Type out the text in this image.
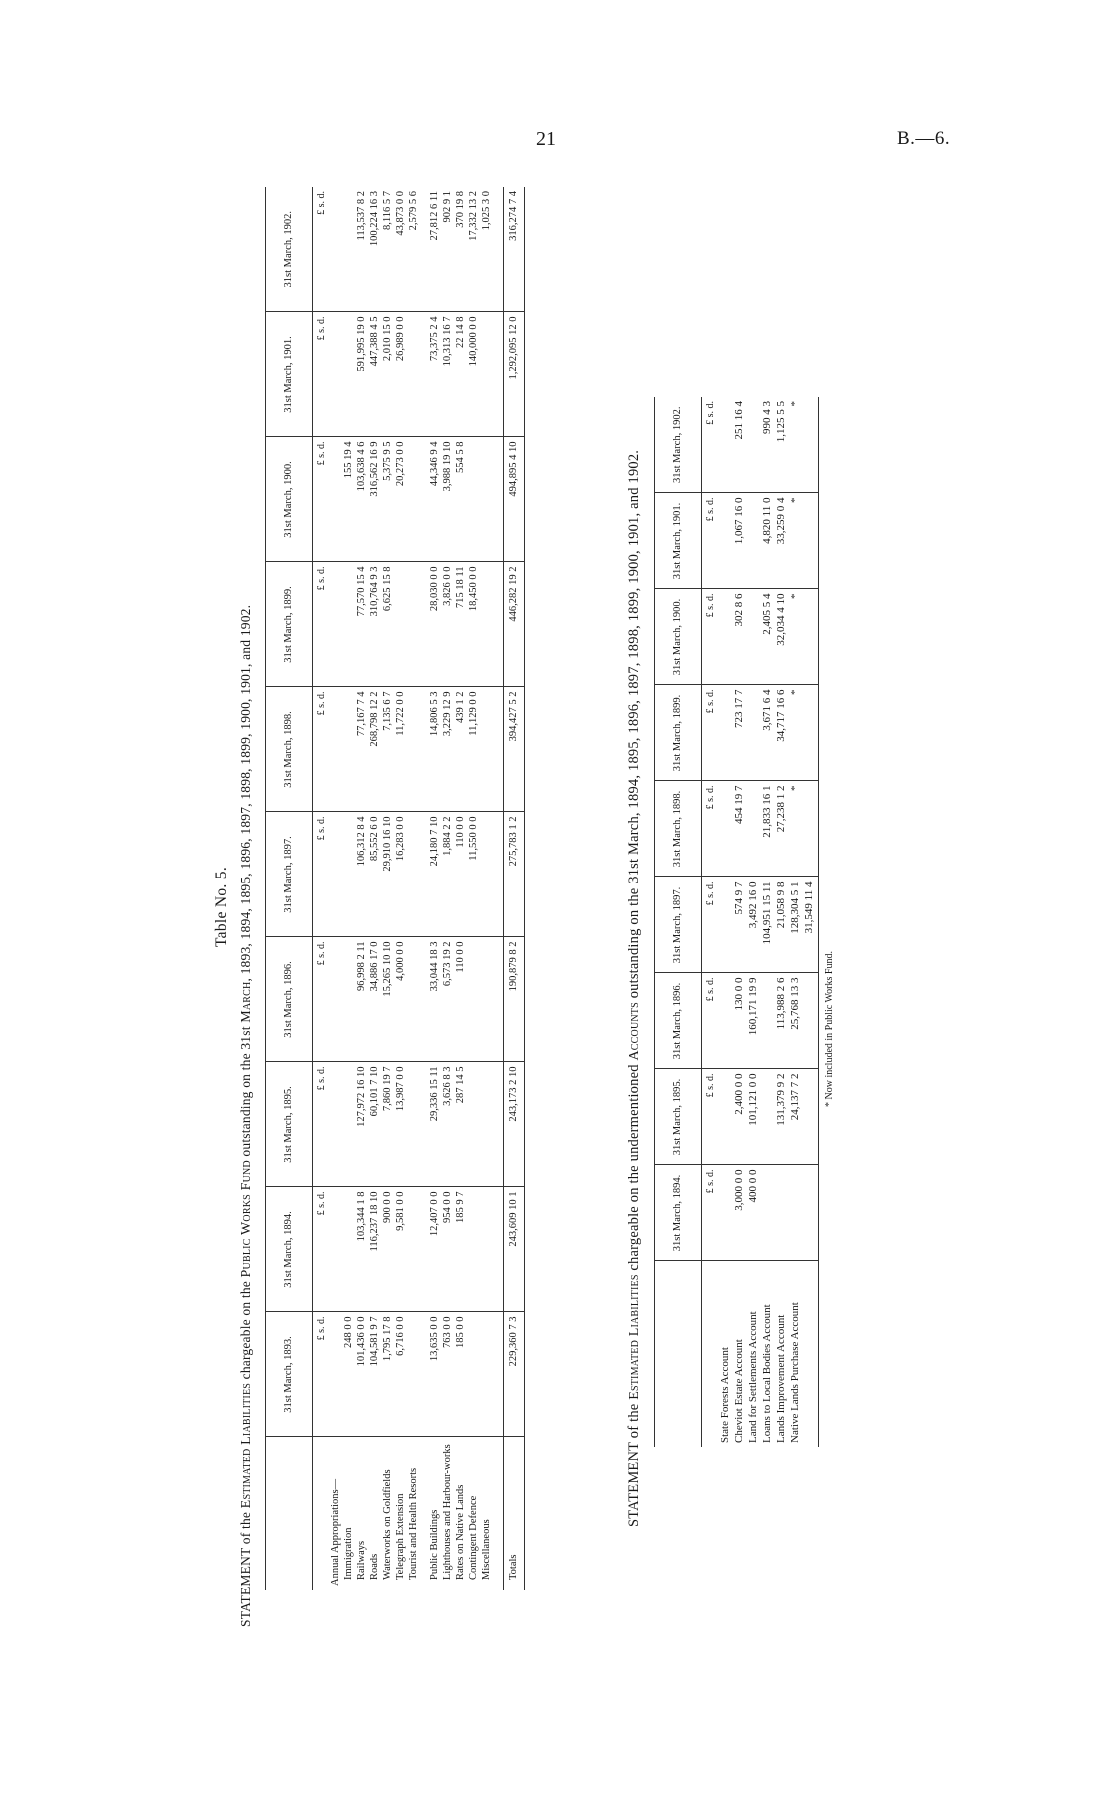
21	B.—6.
Table No. 5.
STATEMENT of the Estimated Liabilities chargeable on the Public Works Fund outstanding on the 31st March, 1893, 1894, 1895, 1896, 1897, 1898, 1899, 1900, 1901, and 1902.
	31st March, 1893.	31st March, 1894.	31st March, 1895.	31st March, 1896.	31st March, 1897.	31st March, 1898.	31st March, 1899.	31st March, 1900.	31st March, 1901.	31st March, 1902.
	£ s. d.	£ s. d.	£ s. d.	£ s. d.	£ s. d.	£ s. d.	£ s. d.	£ s. d.	£ s. d.	£ s. d.
Annual Appropriations—										
Immigration	248 0 0							155 19 4		
Railways	101,436 0 0	103,344 1 8	127,972 16 10	96,998 2 11	106,312 8 4	77,167 7 4	77,570 15 4	103,638 4 6	591,995 19 0	113,537 8 2
Roads	104,581 9 7	116,237 18 10	60,101 7 10	34,886 17 0	85,552 6 0	268,798 12 2	310,764 9 3	316,562 16 9	447,388 4 5	100,224 16 3
Waterworks on Goldfields	1,795 17 8	900 0 0	7,860 19 7	15,265 10 10	29,910 16 10	7,135 6 7	6,625 15 8	5,375 9 5	2,010 15 0	8,116 5 7
Telegraph Extension	6,716 0 0	9,581 0 0	13,987 0 0	4,000 0 0	16,283 0 0	11,722 0 0		20,273 0 0	26,989 0 0	43,873 0 0
Tourist and Health Resorts										2,579 5 6

Public Buildings	13,635 0 0	12,407 0 0	29,336 15 11	33,044 18 3	24,180 7 10	14,806 5 3	28,030 0 0	44,346 9 4	73,375 2 4	27,812 6 11
Lighthouses and Harbour-works	763 0 0	954 0 0	3,626 8 3	6,573 19 2	1,884 2 2	3,229 12 9	3,826 0 0	3,988 19 10	10,313 16 7	902 9 1
Rates on Native Lands	185 0 0	185 9 7	287 14 5	110 0 0	110 0 0	439 1 2	715 18 11	554 5 8	22 14 8	370 19 8
Contingent Defence					11,550 0 0	11,129 0 0	18,450 0 0		140,000 0 0	17,332 13 2
Miscellaneous										1,025 3 0

Totals	229,360 7 3	243,609 10 1	243,173 2 10	190,879 8 2	275,783 1 2	394,427 5 2	446,282 19 2	494,895 4 10	1,292,095 12 0	316,274 7 4
STATEMENT of the Estimated Liabilities chargeable on the undermentioned Accounts outstanding on the 31st March, 1894, 1895, 1896, 1897, 1898, 1899, 1900, 1901, and 1902.
	31st March, 1894.	31st March, 1895.	31st March, 1896.	31st March, 1897.	31st March, 1898.	31st March, 1899.	31st March, 1900.	31st March, 1901.	31st March, 1902.
	£ s. d.	£ s. d.	£ s. d.	£ s. d.	£ s. d.	£ s. d.	£ s. d.	£ s. d.	£ s. d.
State Forests Account									
Cheviot Estate Account	3,000 0 0	2,400 0 0	130 0 0	574 9 7	454 19 7	723 17 7	302 8 6	1,067 16 0	251 16 4
Land for Settlements Account	400 0 0	101,121 0 0	160,171 19 9	3,492 16 0					
Loans to Local Bodies Account				104,951 15 11	21,833 16 1	3,671 6 4	2,405 5 4	4,820 11 0	990 4 3
Lands Improvement Account		131,379 9 2	113,988 2 6	21,058 9 8	27,238 1 2	34,717 16 6	32,034 4 10	33,259 0 4	1,125 5 5
Native Lands Purchase Account		24,137 7 2	25,768 13 3	128,304 5 1	*	*	*	*	*
				31,549 11 4					
* Now included in Public Works Fund.
